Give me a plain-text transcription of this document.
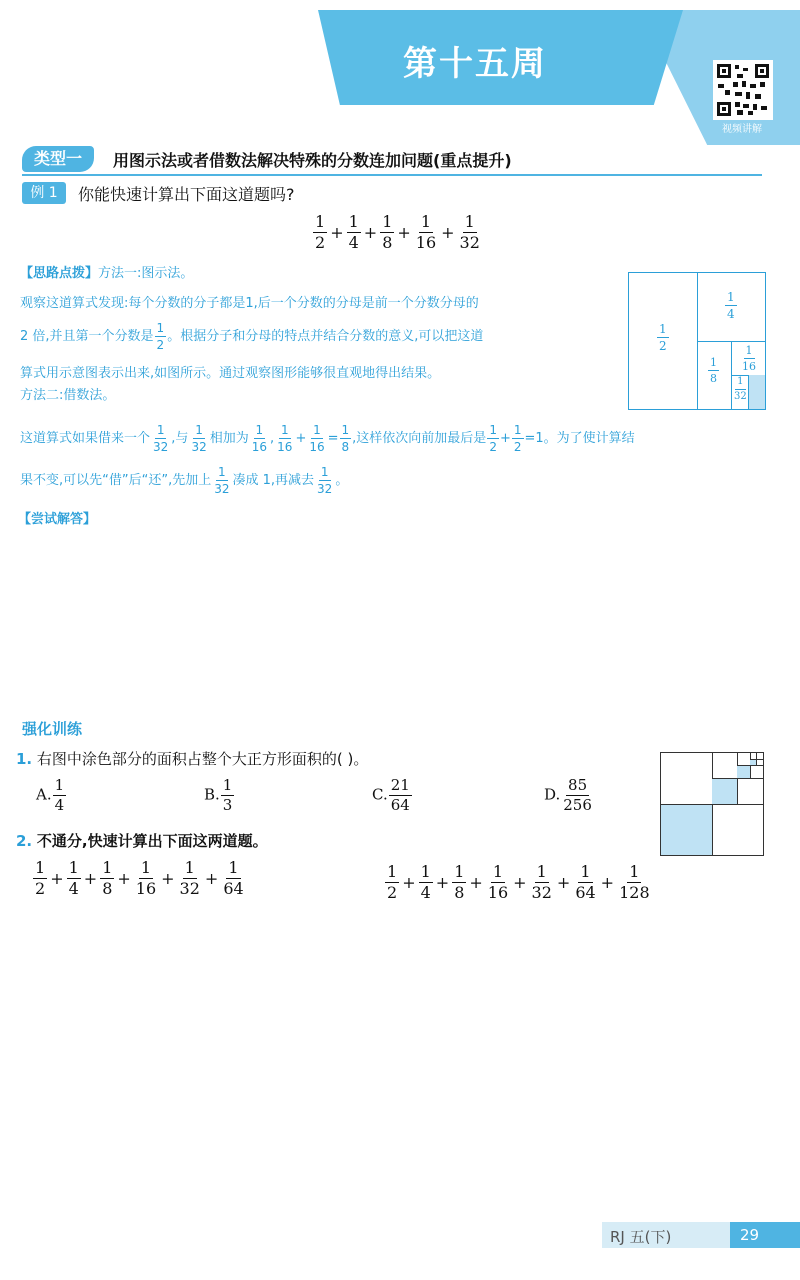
第十五周
视频讲解
类型一	用图示法或者借数法解决特殊的分数连加问题(重点提升)
例 1	你能快速计算出下面这道题吗?
$\frac{1}{2} + \frac{1}{4} + \frac{1}{8} + \frac{1}{16} + \frac{1}{32}$
【思路点拨】方法一:图示法。
观察这道算式发现:每个分数的分子都是1,后一个分数的分母是前一个分数分母的
2 倍,并且第一个分数是 $\frac{1}{2}$ 。根据分子和分母的特点并结合分数的意义,可以把这道
算式用示意图表示出来,如图所示。通过观察图形能够很直观地得出结果。
方法二:借数法。
这道算式如果借来一个 $\frac{1}{32}$ ,与 $\frac{1}{32}$ 相加为 $\frac{1}{16}$ , $\frac{1}{16} + \frac{1}{16} = \frac{1}{8}$ ,这样依次向前加最后是 $\frac{1}{2} + \frac{1}{2} =1$。为了使计算结
果不变,可以先“借”后“还”,先加上 $\frac{1}{32}$ 凑成 1,再减去 $\frac{1}{32}$ 。
$\frac{1}{2}$
$\frac{1}{4}$
$\frac{1}{8} \frac{1}{16}$
$\frac{1}{32}$
【尝试解答】
强化训练
1. 右图中涂色部分的面积占整个大正方形面积的( )。
A. $\frac{1}{4}$	B. $\frac{1}{3}$	C. $\frac{21}{64}$	D. $\frac{85}{256}$
2. 不通分,快速计算出下面这两道题。
$\frac{1}{2} + \frac{1}{4} + \frac{1}{8} + \frac{1}{16} + \frac{1}{32} + \frac{1}{64}$	$\frac{1}{2} + \frac{1}{4} + \frac{1}{8} + \frac{1}{16} + \frac{1}{32} + \frac{1}{64} + \frac{1}{128}$
RJ 五(下)	29
